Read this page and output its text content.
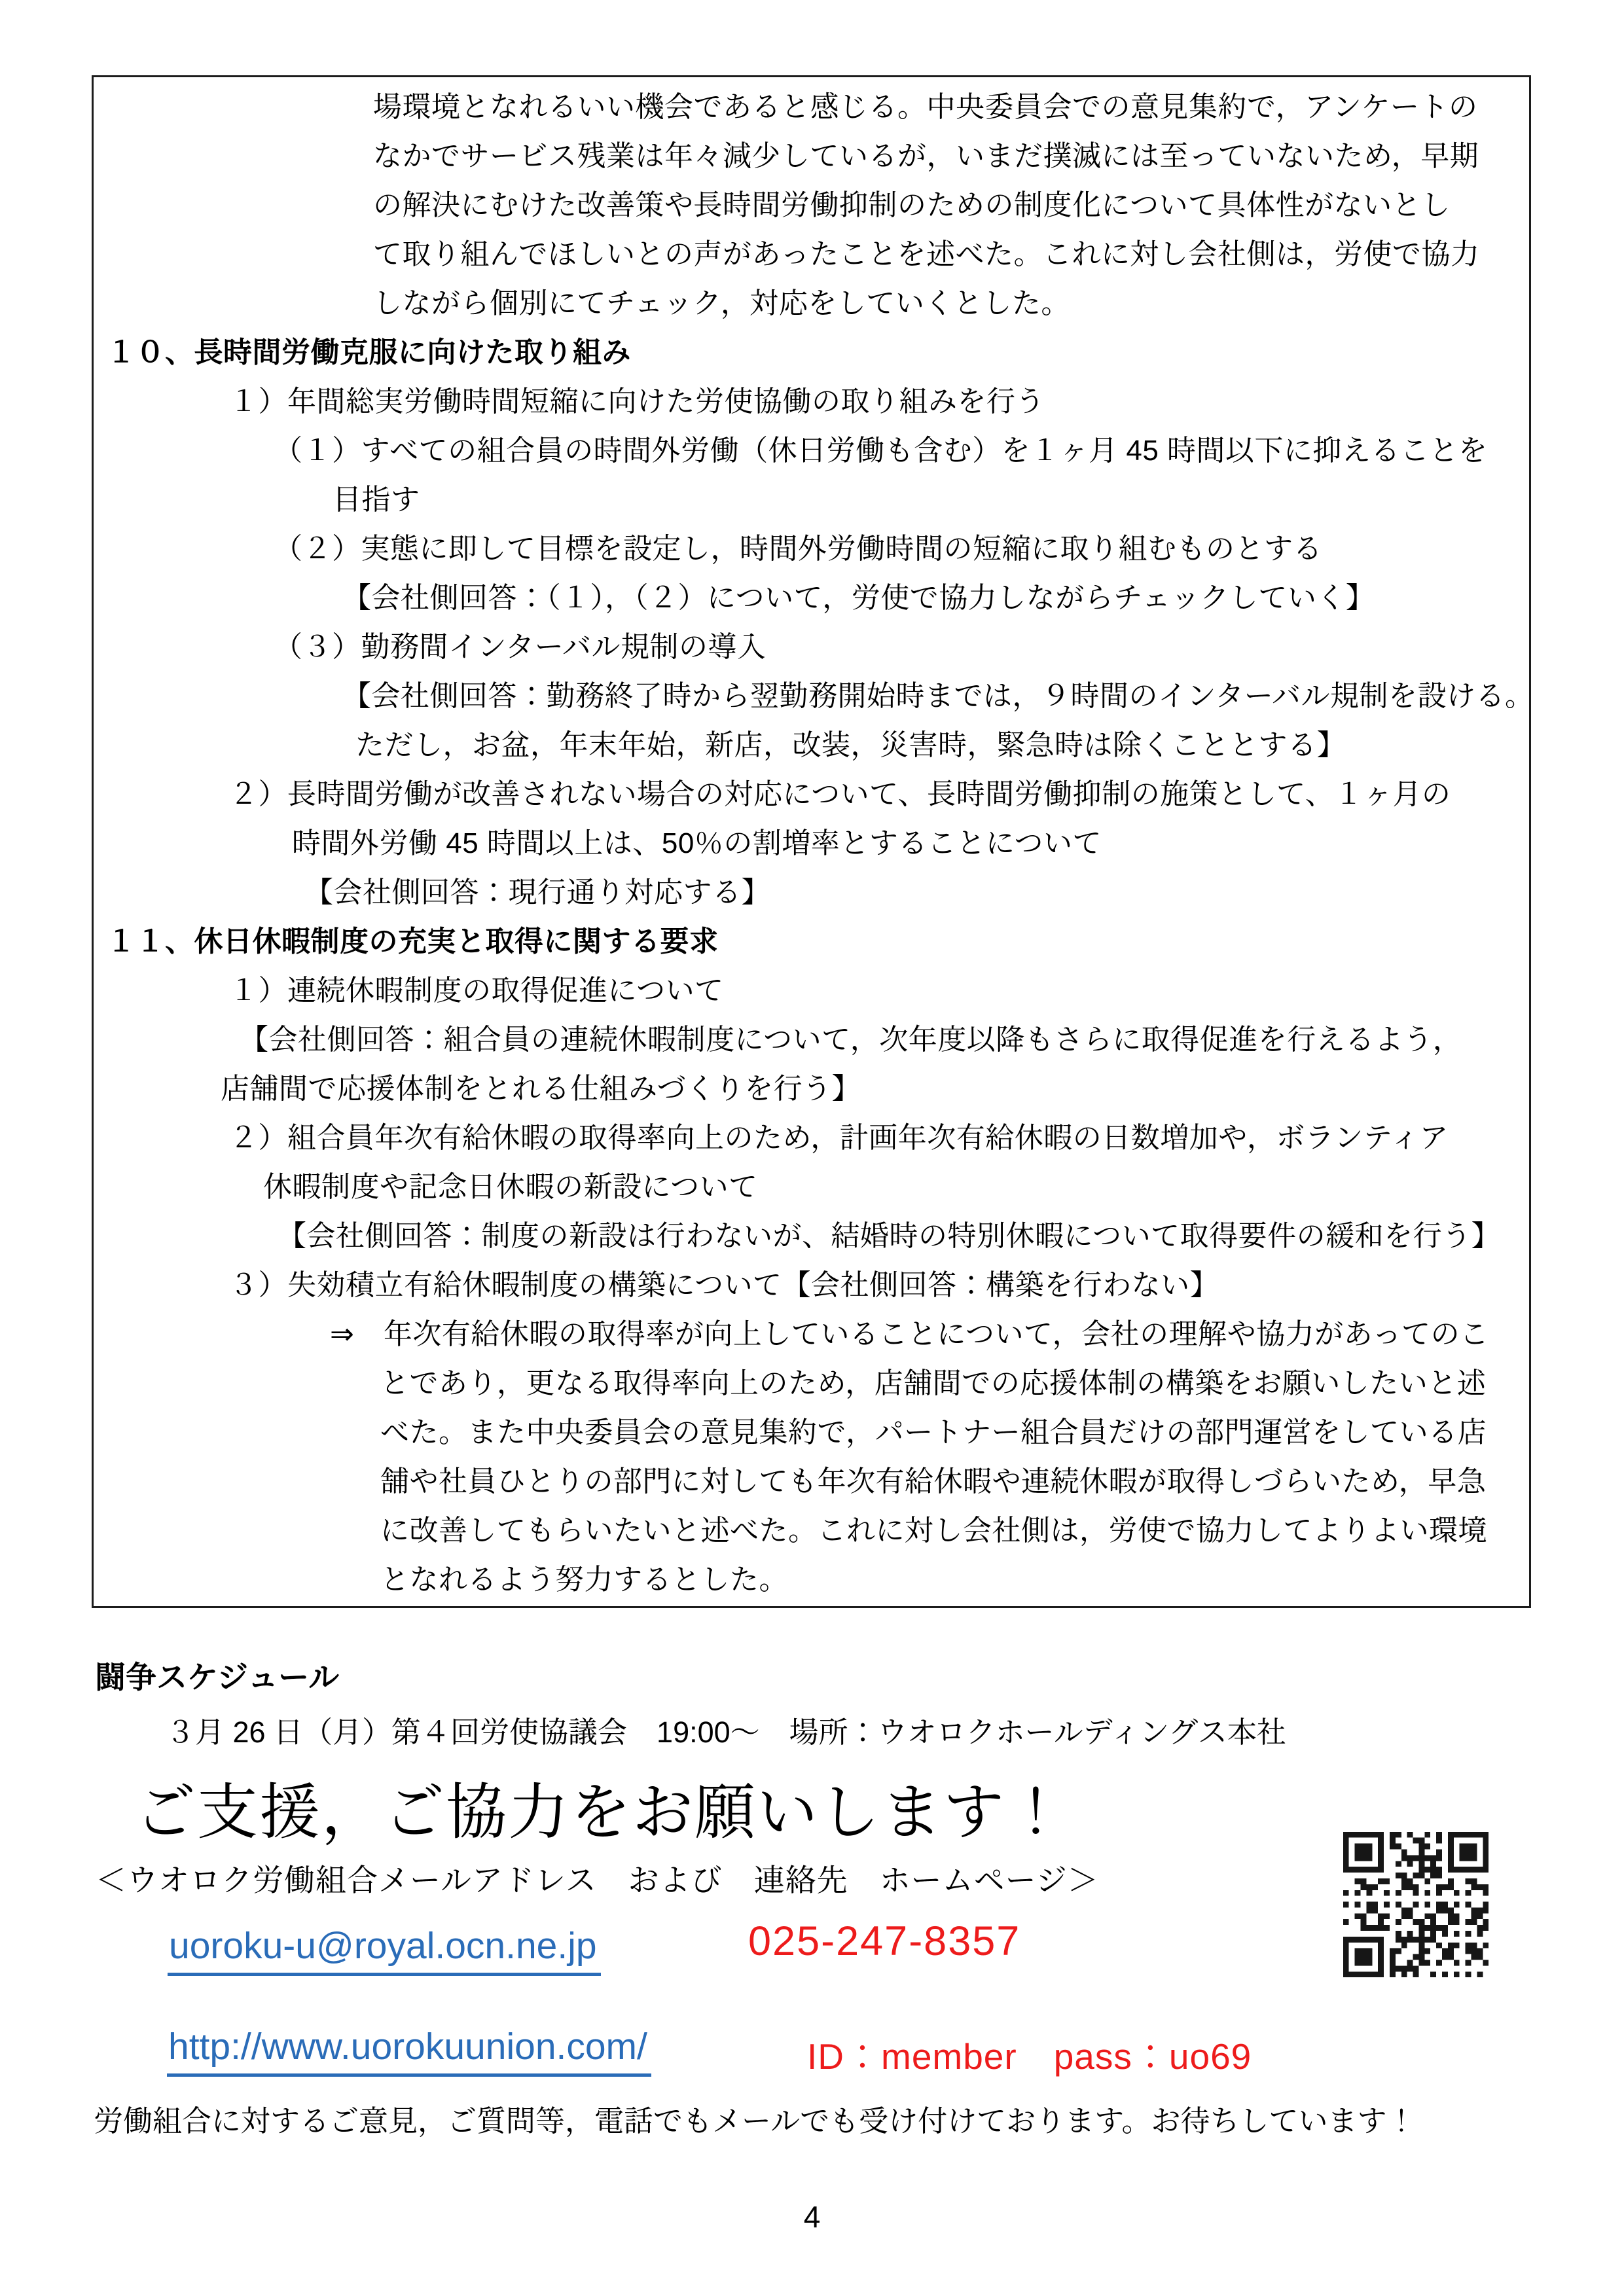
場環境となれるいい機会であると感じる。中央委員会での意見集約で，アンケートの
なかでサービス残業は年々減少しているが，いまだ撲滅には至っていないため，早期
の解決にむけた改善策や長時間労働抑制のための制度化について具体性がないとし
て取り組んでほしいとの声があったことを述べた。これに対し会社側は，労使で協力
しながら個別にてチェック，対応をしていくとした。
１０、長時間労働克服に向けた取り組み
１）年間総実労働時間短縮に向けた労使協働の取り組みを行う
（１）すべての組合員の時間外労働（休日労働も含む）を１ヶ月 45 時間以下に抑えることを
目指す
（２）実態に即して目標を設定し，時間外労働時間の短縮に取り組むものとする
【会社側回答：（１），（２）について，労使で協力しながらチェックしていく】
（３）勤務間インターバル規制の導入
【会社側回答：勤務終了時から翌勤務開始時までは，９時間のインターバル規制を設ける。
ただし，お盆，年末年始，新店，改装，災害時，緊急時は除くこととする】
２）長時間労働が改善されない場合の対応について、長時間労働抑制の施策として、１ヶ月の
時間外労働 45 時間以上は、50％の割増率とすることについて
【会社側回答：現行通り対応する】
１１、休日休暇制度の充実と取得に関する要求
１）連続休暇制度の取得促進について
【会社側回答：組合員の連続休暇制度について，次年度以降もさらに取得促進を行えるよう，
店舗間で応援体制をとれる仕組みづくりを行う】
２）組合員年次有給休暇の取得率向上のため，計画年次有給休暇の日数増加や，ボランティア
休暇制度や記念日休暇の新設について
【会社側回答：制度の新設は行わないが、結婚時の特別休暇について取得要件の緩和を行う】
３）失効積立有給休暇制度の構築について【会社側回答：構築を行わない】
⇒　年次有給休暇の取得率が向上していることについて，会社の理解や協力があってのこ
とであり，更なる取得率向上のため，店舗間での応援体制の構築をお願いしたいと述
べた。また中央委員会の意見集約で，パートナー組合員だけの部門運営をしている店
舗や社員ひとりの部門に対しても年次有給休暇や連続休暇が取得しづらいため，早急
に改善してもらいたいと述べた。これに対し会社側は，労使で協力してよりよい環境
となれるよう努力するとした。
闘争スケジュール
３月 26 日（月）第４回労使協議会　19:00～　場所：ウオロクホールディングス本社
ご支援，ご協力をお願いします！
＜ウオロク労働組合メールアドレス　および　連絡先　ホームページ＞
uoroku-u@royal.ocn.ne.jp	025-247-8357
http://www.uorokuunion.com/	ID：member　pass：uo69
労働組合に対するご意見，ご質問等，電話でもメールでも受け付けております。お待ちしています！
4
